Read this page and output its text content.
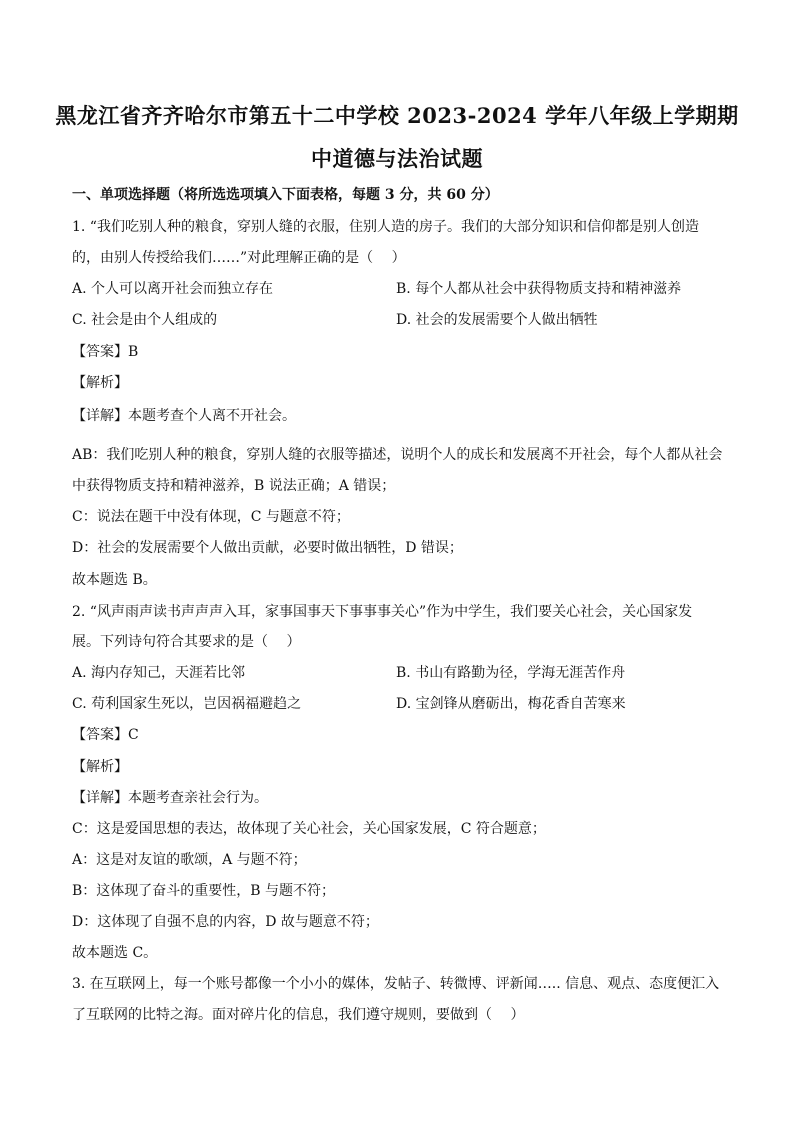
黑龙江省齐齐哈尔市第五十二中学校 2023-2024 学年八年级上学期期
中道德与法治试题
一、单项选择题（将所选选项填入下面表格，每题 3 分，共 60 分）
1. “我们吃别人种的粮食，穿别人缝的衣服，住别人造的房子。我们的大部分知识和信仰都是别人创造
的，由别人传授给我们……”对此理解正确的是（　 ）
A. 个人可以离开社会而独立存在	B. 每个人都从社会中获得物质支持和精神滋养
C. 社会是由个人组成的	D. 社会的发展需要个人做出牺牲
【答案】B
【解析】
【详解】本题考查个人离不开社会。
AB：我们吃别人种的粮食，穿别人缝的衣服等描述，说明个人的成长和发展离不开社会，每个人都从社会
中获得物质支持和精神滋养，B 说法正确；A 错误；
C：说法在题干中没有体现，C 与题意不符；
D：社会的发展需要个人做出贡献，必要时做出牺牲，D 错误；
故本题选 B。
2. “风声雨声读书声声声入耳，家事国事天下事事事关心”作为中学生，我们要关心社会，关心国家发
展。下列诗句符合其要求的是（　 ）
A. 海内存知己，天涯若比邻	B. 书山有路勤为径，学海无涯苦作舟
C. 苟利国家生死以，岂因祸福避趋之	D. 宝剑锋从磨砺出，梅花香自苦寒来
【答案】C
【解析】
【详解】本题考查亲社会行为。
C：这是爱国思想的表达，故体现了关心社会，关心国家发展，C 符合题意；
A：这是对友谊的歌颂，A 与题不符；
B：这体现了奋斗的重要性，B 与题不符；
D：这体现了自强不息的内容，D 故与题意不符；
故本题选 C。
3. 在互联网上，每一个账号都像一个小小的媒体，发帖子、转微博、评新闻….. 信息、观点、态度便汇入
了互联网的比特之海。面对碎片化的信息，我们遵守规则，要做到（　 ）
